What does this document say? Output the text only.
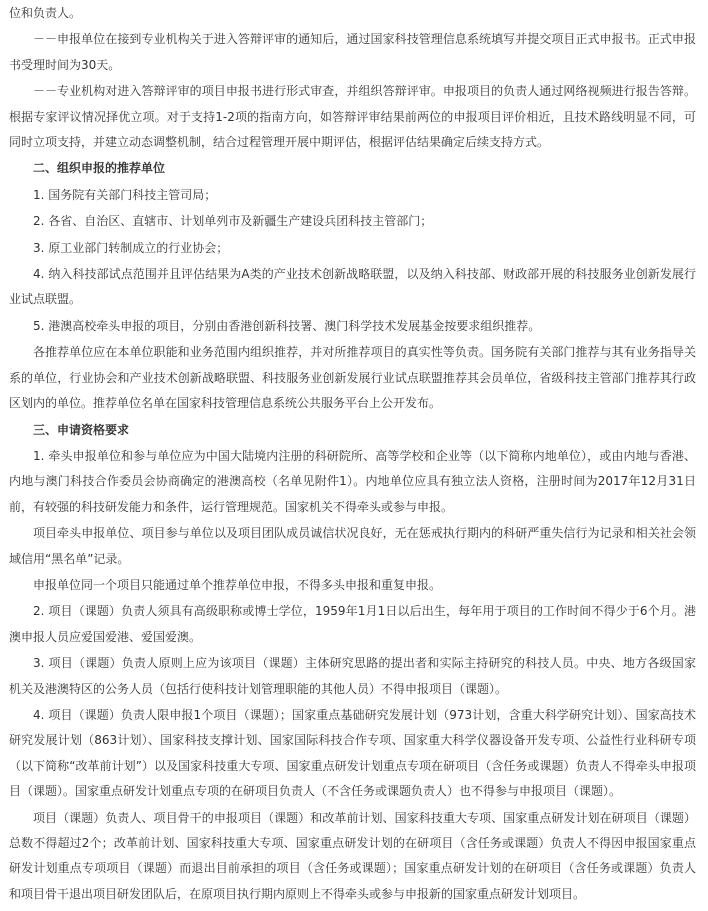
位和负责人。

－－申报单位在接到专业机构关于进入答辩评审的通知后，通过国家科技管理信息系统填写并提交项目正式申报书。正式申报书受理时间为30天。

－－专业机构对进入答辩评审的项目申报书进行形式审查，并组织答辩评审。申报项目的负责人通过网络视频进行报告答辩。根据专家评议情况择优立项。对于支持1-2项的指南方向，如答辩评审结果前两位的申报项目评价相近，且技术路线明显不同，可同时立项支持，并建立动态调整机制，结合过程管理开展中期评估，根据评估结果确定后续支持方式。

二、组织申报的推荐单位

1. 国务院有关部门科技主管司局；

2. 各省、自治区、直辖市、计划单列市及新疆生产建设兵团科技主管部门；

3. 原工业部门转制成立的行业协会；

4. 纳入科技部试点范围并且评估结果为A类的产业技术创新战略联盟，以及纳入科技部、财政部开展的科技服务业创新发展行业试点联盟。

5. 港澳高校牵头申报的项目，分别由香港创新科技署、澳门科学技术发展基金按要求组织推荐。

各推荐单位应在本单位职能和业务范围内组织推荐，并对所推荐项目的真实性等负责。国务院有关部门推荐与其有业务指导关系的单位，行业协会和产业技术创新战略联盟、科技服务业创新发展行业试点联盟推荐其会员单位，省级科技主管部门推荐其行政区划内的单位。推荐单位名单在国家科技管理信息系统公共服务平台上公开发布。

三、申请资格要求

1. 牵头申报单位和参与单位应为中国大陆境内注册的科研院所、高等学校和企业等（以下简称内地单位），或由内地与香港、内地与澳门科技合作委员会协商确定的港澳高校（名单见附件1）。内地单位应具有独立法人资格，注册时间为2017年12月31日前，有较强的科技研发能力和条件，运行管理规范。国家机关不得牵头或参与申报。

项目牵头申报单位、项目参与单位以及项目团队成员诚信状况良好，无在惩戒执行期内的科研严重失信行为记录和相关社会领域信用“黑名单”记录。

申报单位同一个项目只能通过单个推荐单位申报，不得多头申报和重复申报。

2. 项目（课题）负责人须具有高级职称或博士学位，1959年1月1日以后出生，每年用于项目的工作时间不得少于6个月。港澳申报人员应爱国爱港、爱国爱澳。

3. 项目（课题）负责人原则上应为该项目（课题）主体研究思路的提出者和实际主持研究的科技人员。中央、地方各级国家机关及港澳特区的公务人员（包括行使科技计划管理职能的其他人员）不得申报项目（课题）。

4. 项目（课题）负责人限申报1个项目（课题）；国家重点基础研究发展计划（973计划，含重大科学研究计划）、国家高技术研究发展计划（863计划）、国家科技支撑计划、国家国际科技合作专项、国家重大科学仪器设备开发专项、公益性行业科研专项（以下简称“改革前计划”）以及国家科技重大专项、国家重点研发计划重点专项在研项目（含任务或课题）负责人不得牵头申报项目（课题）。国家重点研发计划重点专项的在研项目负责人（不含任务或课题负责人）也不得参与申报项目（课题）。

项目（课题）负责人、项目骨干的申报项目（课题）和改革前计划、国家科技重大专项、国家重点研发计划在研项目（课题）总数不得超过2个；改革前计划、国家科技重大专项、国家重点研发计划的在研项目（含任务或课题）负责人不得因申报国家重点研发计划重点专项项目（课题）而退出目前承担的项目（含任务或课题）；国家重点研发计划的在研项目（含任务或课题）负责人和项目骨干退出项目研发团队后，在原项目执行期内原则上不得牵头或参与申报新的国家重点研发计划项目。
